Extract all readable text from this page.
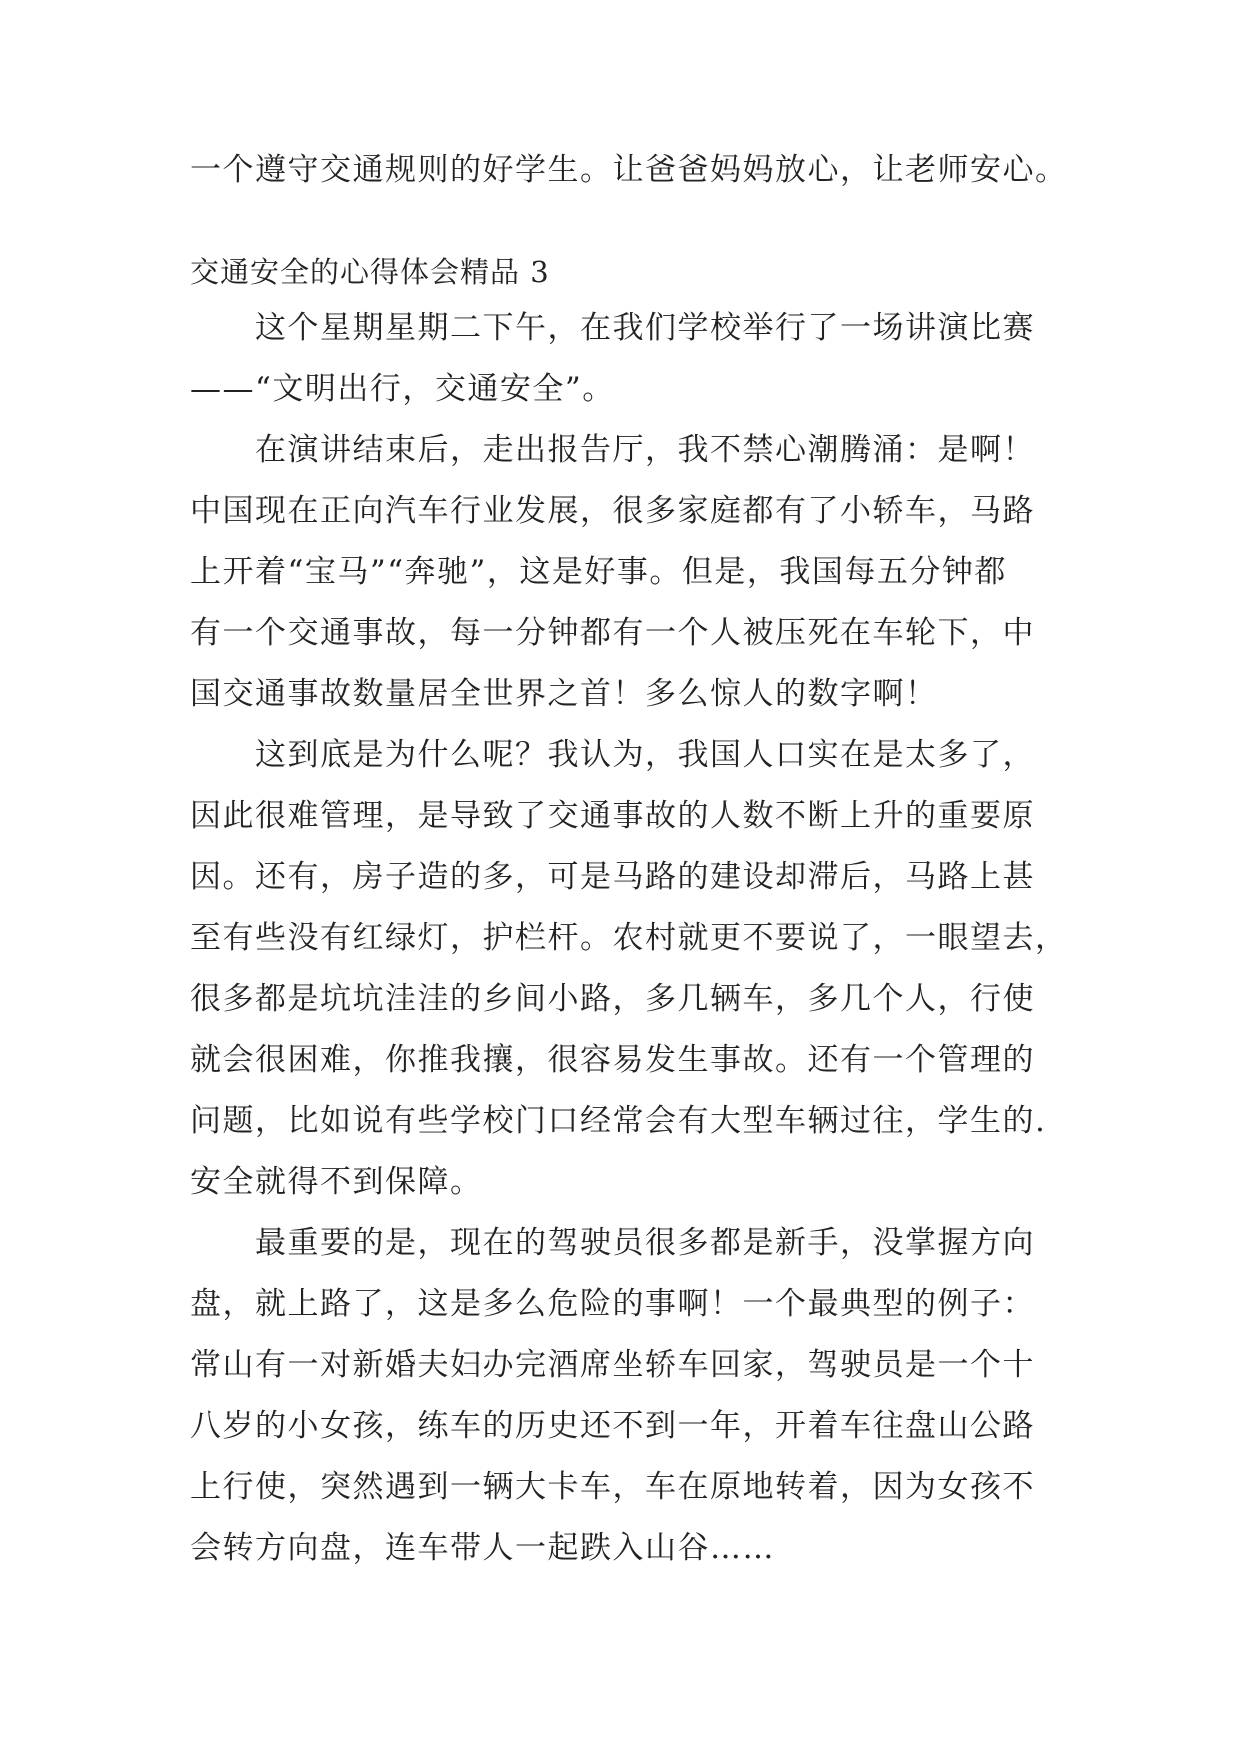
一个遵守交通规则的好学生。让爸爸妈妈放心，让老师安心。
交通安全的心得体会精品 3
这个星期星期二下午，在我们学校举行了一场讲演比赛
——“文明出行，交通安全”。
在演讲结束后，走出报告厅，我不禁心潮腾涌：是啊！
中国现在正向汽车行业发展，很多家庭都有了小轿车，马路
上开着“宝马”“奔驰”，这是好事。但是，我国每五分钟都
有一个交通事故，每一分钟都有一个人被压死在车轮下，中
国交通事故数量居全世界之首！多么惊人的数字啊！
这到底是为什么呢？我认为，我国人口实在是太多了，
因此很难管理，是导致了交通事故的人数不断上升的重要原
因。还有，房子造的多，可是马路的建设却滞后，马路上甚
至有些没有红绿灯，护栏杆。农村就更不要说了，一眼望去，
很多都是坑坑洼洼的乡间小路，多几辆车，多几个人，行使
就会很困难，你推我攘，很容易发生事故。还有一个管理的
问题，比如说有些学校门口经常会有大型车辆过往，学生的.
安全就得不到保障。
最重要的是，现在的驾驶员很多都是新手，没掌握方向
盘，就上路了，这是多么危险的事啊！一个最典型的例子：
常山有一对新婚夫妇办完酒席坐轿车回家，驾驶员是一个十
八岁的小女孩，练车的历史还不到一年，开着车往盘山公路
上行使，突然遇到一辆大卡车，车在原地转着，因为女孩不
会转方向盘，连车带人一起跌入山谷……
